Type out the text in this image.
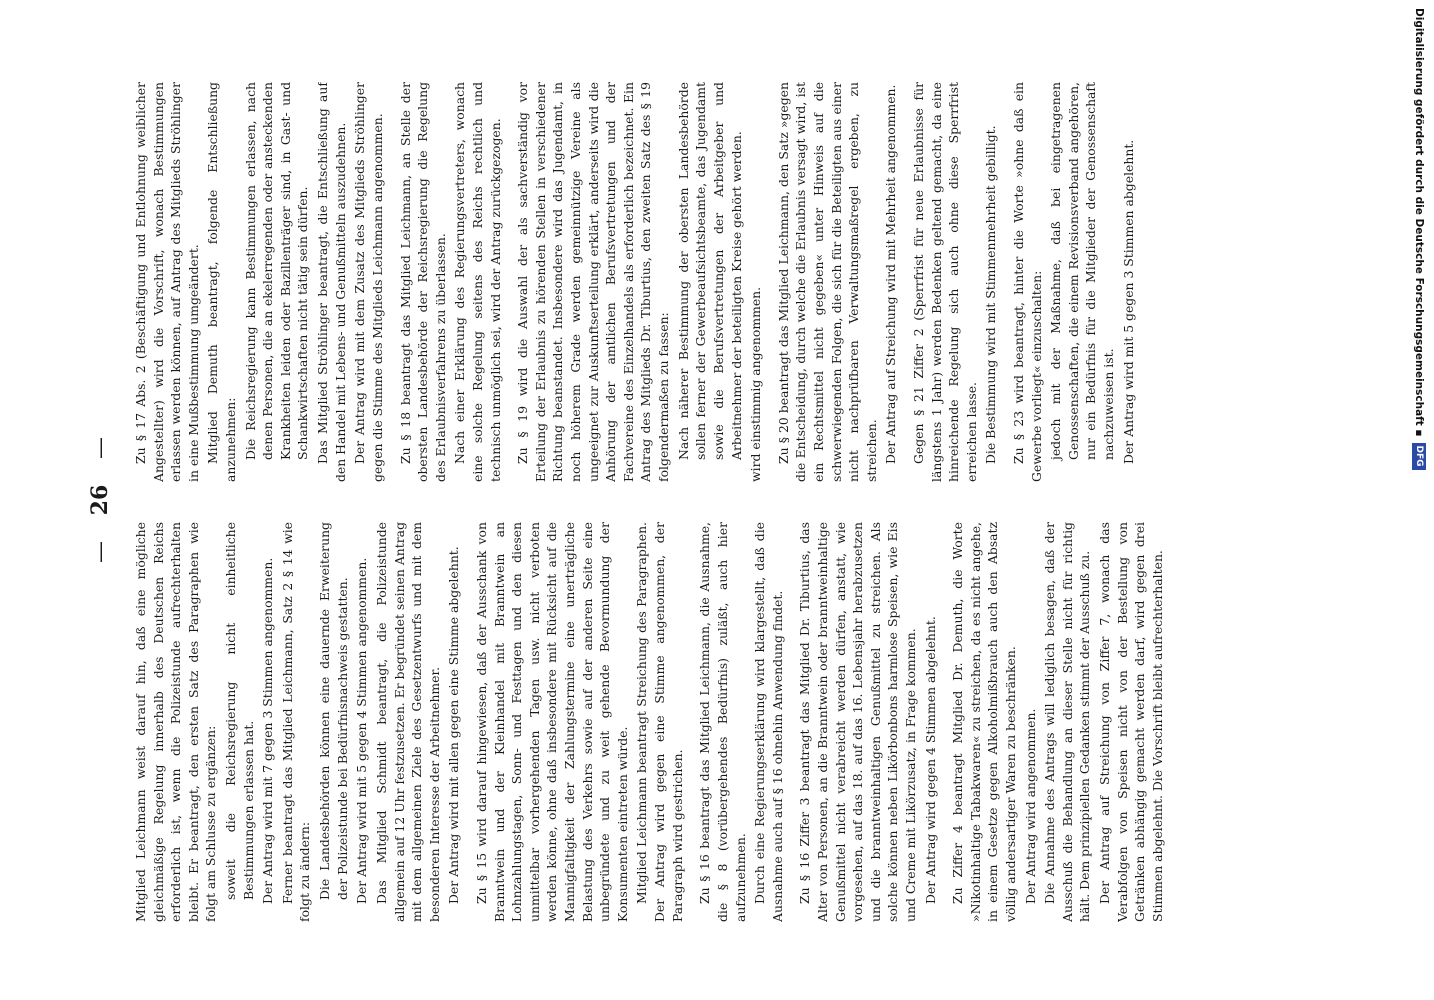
— 26 —

Mitglied Leichmann weist darauf hin, daß eine mögliche gleichmäßige Regelung innerhalb des Deutschen Reichs erforderlich ist, wenn die Polizeistunde aufrechterhalten bleibt. Er beantragt, den ersten Satz des Paragraphen wie folgt am Schlusse zu ergänzen: soweit die Reichsregierung nicht einheitliche Bestimmungen erlassen hat. Der Antrag wird mit 7 gegen 3 Stimmen angenommen. Ferner beantragt das Mitglied Leichmann, Satz 2 § 14 wie folgt zu ändern: Die Landesbehörden können eine dauernde Erweiterung der Polizeistunde bei Bedürfnisnachweis gestatten. Der Antrag wird mit 5 gegen 4 Stimmen angenommen. Das Mitglied Schmidt beantragt, die Polizeistunde allgemein auf 12 Uhr festzusetzen. Er begründet seinen Antrag mit dem allgemeinen Ziele des Gesetzentwurfs und mit dem besonderen Interesse der Arbeitnehmer. Der Antrag wird mit allen gegen eine Stimme abgelehnt. Zu § 15 wird darauf hingewiesen, daß der Ausschank von Branntwein und der Kleinhandel mit Branntwein an Lohnzahlungstagen, Sonn- und Festtagen und den diesen unmittelbar vorhergehenden Tagen usw. nicht verboten werden könne, ohne daß insbesondere mit Rücksicht auf die Mannigfaltigkeit der Zahlungstermine eine unerträgliche Belastung des Verkehrs sowie auf der anderen Seite eine unbegründete und zu weit gehende Bevormundung der Konsumenten eintreten würde. Mitglied Leichmann beantragt Streichung des Paragraphen. Der Antrag wird gegen eine Stimme angenommen, der Paragraph wird gestrichen. Zu § 16 beantragt das Mitglied Leichmann, die Ausnahme, die § 8 (vorübergehendes Bedürfnis) zuläßt, auch hier aufzunehmen. Durch eine Regierungserklärung wird klargestellt, daß die Ausnahme auch auf § 16 ohnehin Anwendung findet. Zu § 16 Ziffer 3 beantragt das Mitglied Dr. Tiburtius, das Alter von Personen, an die Branntwein oder branntweinhaltige Genußmittel nicht verabreicht werden dürfen, anstatt, wie vorgesehen, auf das 18. auf das 16. Lebensjahr herabzusetzen und die branntweinhaltigen Genußmittel zu streichen. Als solche können neben Likörbonbons harmlose Speisen, wie Eis und Creme mit Likörzusatz, in Frage kommen. Der Antrag wird gegen 4 Stimmen abgelehnt. Zu Ziffer 4 beantragt Mitglied Dr. Demuth, die Worte »Nikotinhaltige Tabakwaren« zu streichen, da es nicht angehe, in einem Gesetze gegen Alkoholmißbrauch auch den Absatz völlig andersartiger Waren zu beschränken. Der Antrag wird angenommen. Die Annahme des Antrags will lediglich besagen, daß der Ausschuß die Behandlung an dieser Stelle nicht für richtig hält. Dem prinzipiellen Gedanken stimmt der Ausschuß zu. Der Antrag auf Streichung von Ziffer 7, wonach das Verabfolgen von Speisen nicht von der Bestellung von Getränken abhängig gemacht werden darf, wird gegen drei Stimmen abgelehnt. Die Vorschrift bleibt aufrechterhalten.

Zu § 17 Abs. 2 (Beschäftigung und Entlohnung weiblicher Angestellter) wird die Vorschrift, wonach Bestimmungen erlassen werden können, auf Antrag des Mitglieds Ströhlinger in eine Mußbestimmung umgeändert. Mitglied Demuth beantragt, folgende Entschließung anzunehmen: Die Reichsregierung kann Bestimmungen erlassen, nach denen Personen, die an ekelerregenden oder ansteckenden Krankheiten leiden oder Bazillenträger sind, in Gast- und Schankwirtschaften nicht tätig sein dürfen. Das Mitglied Ströhlinger beantragt, die Entschließung auf den Handel mit Lebens- und Genußmitteln auszudehnen. Der Antrag wird mit dem Zusatz des Mitglieds Ströhlinger gegen die Stimme des Mitglieds Leichmann angenommen. Zu § 18 beantragt das Mitglied Leichmann, an Stelle der obersten Landesbehörde der Reichsregierung die Regelung des Erlaubnisverfahrens zu überlassen. Nach einer Erklärung des Regierungsvertreters, wonach eine solche Regelung seitens des Reichs rechtlich und technisch unmöglich sei, wird der Antrag zurückgezogen. Zu § 19 wird die Auswahl der als sachverständig vor Erteilung der Erlaubnis zu hörenden Stellen in verschiedener Richtung beanstandet. Insbesondere wird das Jugendamt, in noch höherem Grade werden gemeinnützige Vereine als ungeeignet zur Auskunftserteilung erklärt, anderseits wird die Anhörung der amtlichen Berufsvertretungen und der Fachvereine des Einzelhandels als erforderlich bezeichnet. Ein Antrag des Mitglieds Dr. Tiburtius, den zweiten Satz des § 19 folgendermaßen zu fassen: Nach näherer Bestimmung der obersten Landesbehörde sollen ferner der Gewerbeaufsichtsbeamte, das Jugendamt sowie die Berufsvertretungen der Arbeitgeber und Arbeitnehmer der beteiligten Kreise gehört werden. wird einstimmig angenommen. Zu § 20 beantragt das Mitglied Leichmann, den Satz »gegen die Entscheidung, durch welche die Erlaubnis versagt wird, ist ein Rechtsmittel nicht gegeben« unter Hinweis auf die schwerwiegenden Folgen, die sich für die Beteiligten aus einer nicht nachprüfbaren Verwaltungsmaßregel ergeben, zu streichen. Der Antrag auf Streichung wird mit Mehrheit angenommen. Gegen § 21 Ziffer 2 (Sperrfrist für neue Erlaubnisse für längstens 1 Jahr) werden Bedenken geltend gemacht, da eine hinreichende Regelung sich auch ohne diese Sperrfrist erreichen lasse. Die Bestimmung wird mit Stimmenmehrheit gebilligt. Zu § 23 wird beantragt, hinter die Worte »ohne daß ein Gewerbe vorliegt« einzuschalten: jedoch mit der Maßnahme, daß bei eingetragenen Genossenschaften, die einem Revisionsverband angehören, nur ein Bedürfnis für die Mitglieder der Genossenschaft nachzuweisen ist. Der Antrag wird mit 5 gegen 3 Stimmen abgelehnt.	Digitalisierung gefördert durch die Deutsche Forschungsgemeinschaft ▪
DFG
